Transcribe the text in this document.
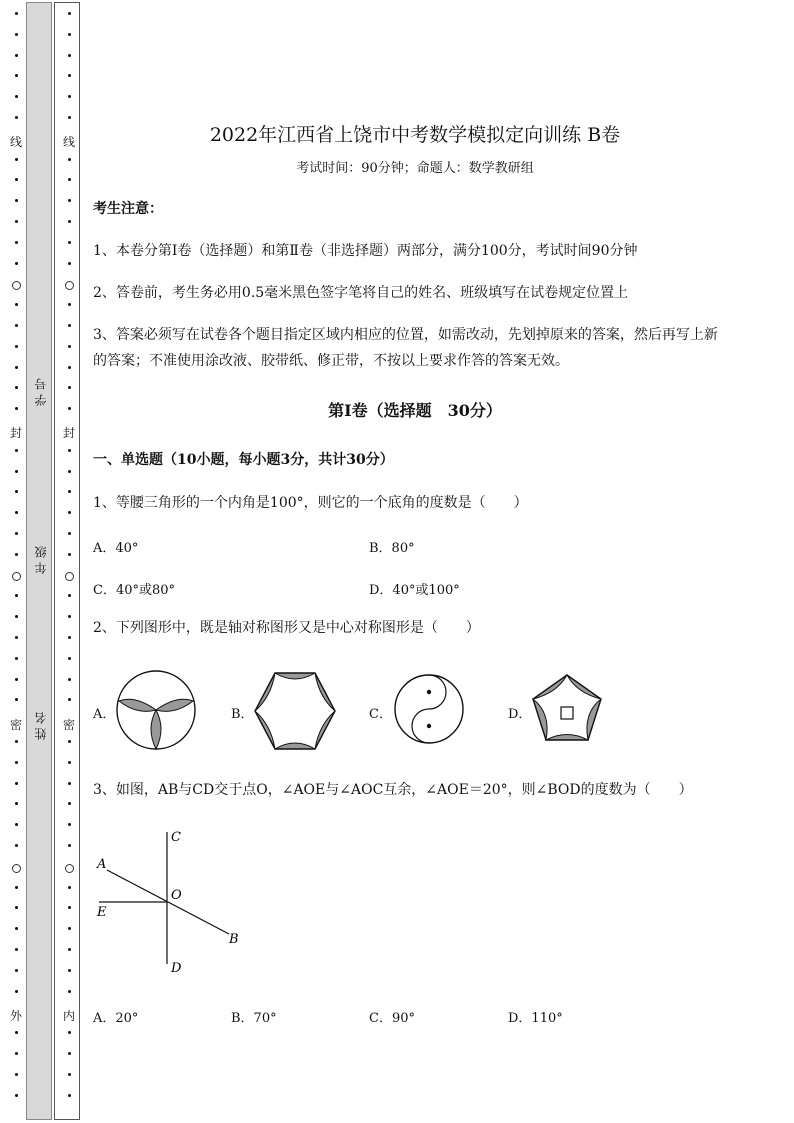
线
封
密
外
线
封
密
内
学号
年级
姓名
2022年江西省上饶市中考数学模拟定向训练 B卷
考试时间：90分钟；命题人：数学教研组
考生注意：
1、本卷分第I卷（选择题）和第Ⅱ卷（非选择题）两部分，满分100分，考试时间90分钟
2、答卷前，考生务必用0.5毫米黑色签字笔将自己的姓名、班级填写在试卷规定位置上
3、答案必须写在试卷各个题目指定区域内相应的位置，如需改动，先划掉原来的答案，然后再写上新
的答案；不准使用涂改液、胶带纸、修正带，不按以上要求作答的答案无效。
第I卷（选择题　30分）
一、单选题（10小题，每小题3分，共计30分）
1、等腰三角形的一个内角是100°，则它的一个底角的度数是（　　）
A．40°	B．80°
C．40°或80°	D．40°或100°
2、下列图形中，既是轴对称图形又是中心对称图形是（　　）
A．	B．	C．	D．
3、如图，AB与CD交于点O，∠AOE与∠AOC互余，∠AOE＝20°，则∠BOD的度数为（　　）
C
A
O
E
B
D
A．20°	B．70°	C．90°	D．110°
